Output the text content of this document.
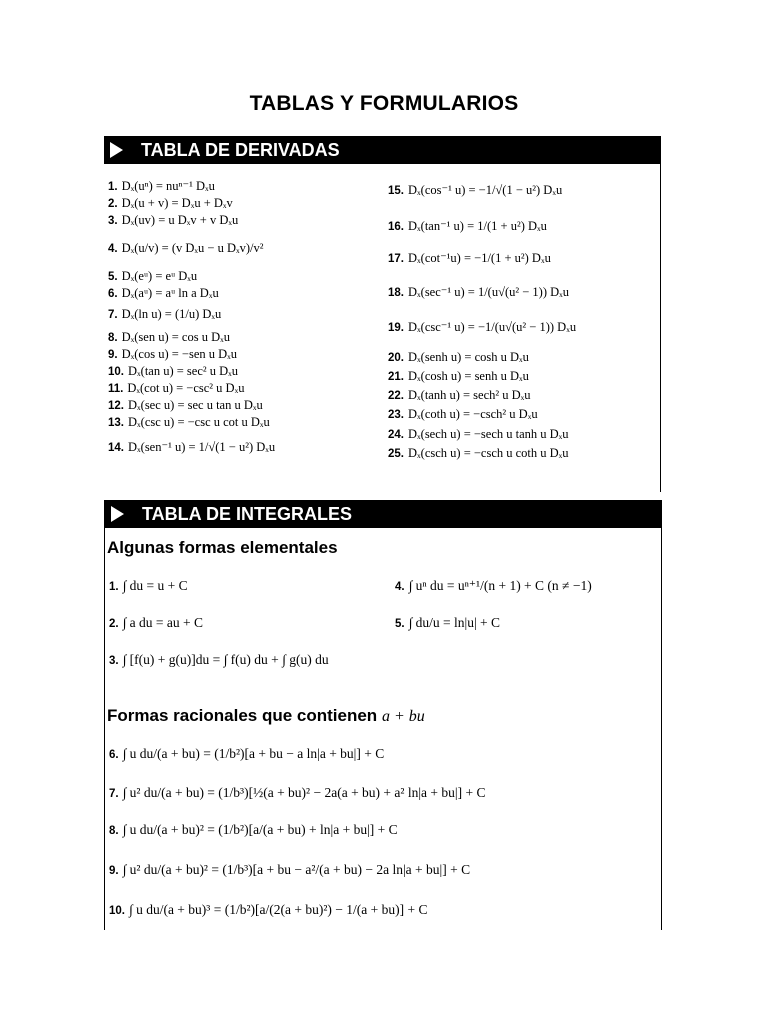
TABLAS Y FORMULARIOS
TABLA DE DERIVADAS
1. Dₓ(uⁿ) = nuⁿ⁻¹ Dₓu
2. Dₓ(u + v) = Dₓu + Dₓv
3. Dₓ(uv) = u Dₓv + v Dₓu
4. Dₓ(u/v) = (v Dₓu − u Dₓv)/v²
5. Dₓ(eᵘ) = eᵘ Dₓu
6. Dₓ(aᵘ) = aᵘ ln a Dₓu
7. Dₓ(ln u) = (1/u) Dₓu
8. Dₓ(sen u) = cos u Dₓu
9. Dₓ(cos u) = −sen u Dₓu
10. Dₓ(tan u) = sec² u Dₓu
11. Dₓ(cot u) = −csc² u Dₓu
12. Dₓ(sec u) = sec u tan u Dₓu
13. Dₓ(csc u) = −csc u cot u Dₓu
14. Dₓ(sen⁻¹ u) = 1/√(1 − u²) Dₓu
15. Dₓ(cos⁻¹ u) = −1/√(1 − u²) Dₓu
16. Dₓ(tan⁻¹ u) = 1/(1 + u²) Dₓu
17. Dₓ(cot⁻¹u) = −1/(1 + u²) Dₓu
18. Dₓ(sec⁻¹ u) = 1/(u√(u² − 1)) Dₓu
19. Dₓ(csc⁻¹ u) = −1/(u√(u² − 1)) Dₓu
20. Dₓ(senh u) = cosh u Dₓu
21. Dₓ(cosh u) = senh u Dₓu
22. Dₓ(tanh u) = sech² u Dₓu
23. Dₓ(coth u) = −csch² u Dₓu
24. Dₓ(sech u) = −sech u tanh u Dₓu
25. Dₓ(csch u) = −csch u coth u Dₓu
TABLA DE INTEGRALES
Algunas formas elementales
1. ∫ du = u + C
2. ∫ a du = au + C
3. ∫ [f(u) + g(u)]du = ∫ f(u) du + ∫ g(u) du
4. ∫ uⁿ du = uⁿ⁺¹/(n + 1) + C (n ≠ −1)
5. ∫ du/u = ln|u| + C
Formas racionales que contienen a + bu
6. ∫ u du/(a + bu) = (1/b²)[a + bu − a ln|a + bu|] + C
7. ∫ u² du/(a + bu) = (1/b³)[½(a + bu)² − 2a(a + bu) + a² ln|a + bu|] + C
8. ∫ u du/(a + bu)² = (1/b²)[a/(a + bu) + ln|a + bu|] + C
9. ∫ u² du/(a + bu)² = (1/b³)[a + bu − a²/(a + bu) − 2a ln|a + bu|] + C
10. ∫ u du/(a + bu)³ = (1/b²)[a/(2(a + bu)²) − 1/(a + bu)] + C
